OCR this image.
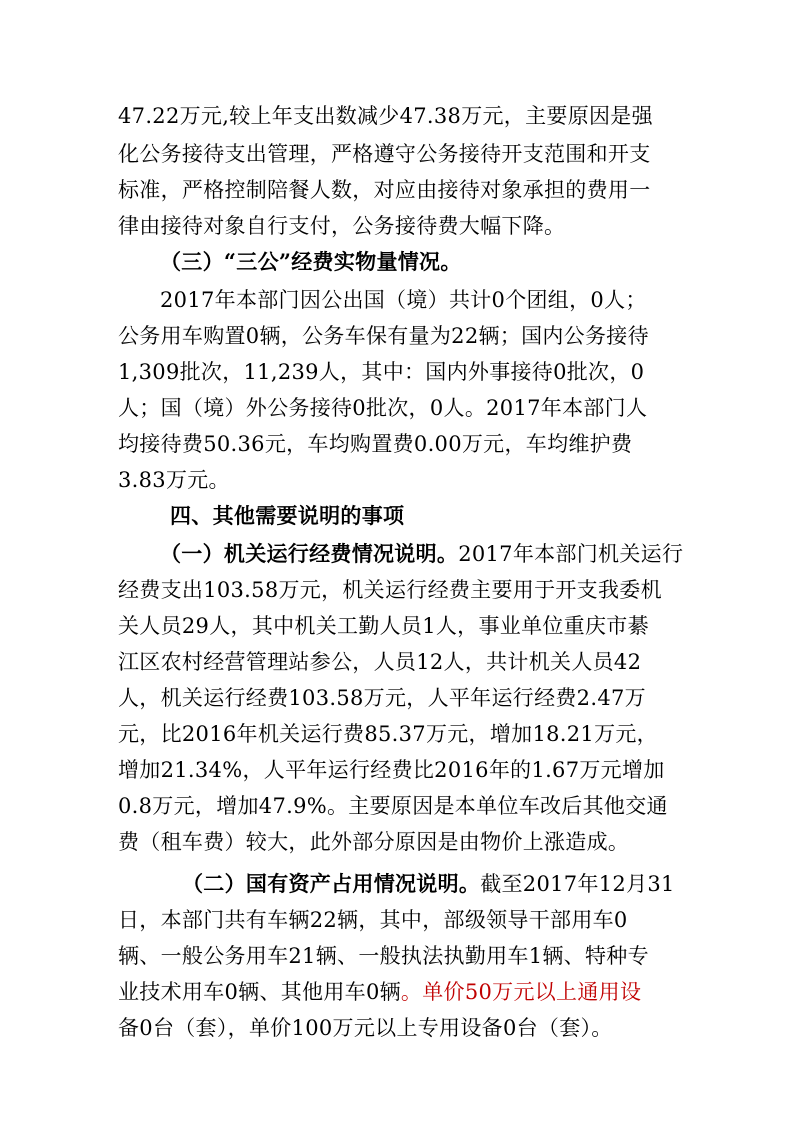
47.22万元,较上年支出数减少47.38万元，主要原因是强
化公务接待支出管理，严格遵守公务接待开支范围和开支
标准，严格控制陪餐人数，对应由接待对象承担的费用一
律由接待对象自行支付，公务接待费大幅下降。
（三）“三公”经费实物量情况。
2017年本部门因公出国（境）共计0个团组，0人；
公务用车购置0辆，公务车保有量为22辆；国内公务接待
1,309批次，11,239人，其中：国内外事接待0批次，0
人；国（境）外公务接待0批次，0人。2017年本部门人
均接待费50.36元，车均购置费0.00万元，车均维护费
3.83万元。
四、其他需要说明的事项
（一）机关运行经费情况说明。2017年本部门机关运行
经费支出103.58万元，机关运行经费主要用于开支我委机
关人员29人，其中机关工勤人员1人，事业单位重庆市綦
江区农村经营管理站参公，人员12人，共计机关人员42
人，机关运行经费103.58万元，人平年运行经费2.47万
元，比2016年机关运行费85.37万元，增加18.21万元，
增加21.34%，人平年运行经费比2016年的1.67万元增加
0.8万元，增加47.9%。主要原因是本单位车改后其他交通
费（租车费）较大，此外部分原因是由物价上涨造成。
（二）国有资产占用情况说明。截至2017年12月31
日，本部门共有车辆22辆，其中，部级领导干部用车0
辆、一般公务用车21辆、一般执法执勤用车1辆、特种专
业技术用车0辆、其他用车0辆。单价50万元以上通用设
备0台（套），单价100万元以上专用设备0台（套）。
